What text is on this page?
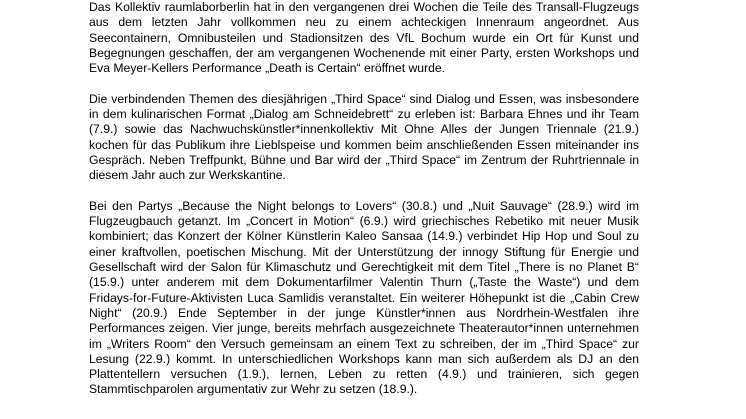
Das Kollektiv raumlaborberlin hat in den vergangenen drei Wochen die Teile des Transall-Flugzeugs aus dem letzten Jahr vollkommen neu zu einem achteckigen Innenraum angeordnet. Aus Seecontainern, Omnibusteilen und Stadionsitzen des VfL Bochum wurde ein Ort für Kunst und Begegnungen geschaffen, der am vergangenen Wochenende mit einer Party, ersten Workshops und Eva Meyer-Kellers Performance „Death is Certain“ eröffnet wurde.

Die verbindenden Themen des diesjährigen „Third Space“ sind Dialog und Essen, was insbesondere in dem kulinarischen Format „Dialog am Schneidebrett“ zu erleben ist: Barbara Ehnes und ihr Team (7.9.) sowie das Nachwuchskünstler*innenkollektiv Mit Ohne Alles der Jungen Triennale (21.9.) kochen für das Publikum ihre Lieblspeise und kommen beim anschließenden Essen miteinander ins Gespräch. Neben Treffpunkt, Bühne und Bar wird der „Third Space“ im Zentrum der Ruhrtriennale in diesem Jahr auch zur Werkskantine.

Bei den Partys „Because the Night belongs to Lovers“ (30.8.) und „Nuit Sauvage“ (28.9.) wird im Flugzeugbauch getanzt. Im „Concert in Motion“ (6.9.) wird griechisches Rebetiko mit neuer Musik kombiniert; das Konzert der Kölner Künstlerin Kaleo Sansaa (14.9.) verbindet Hip Hop und Soul zu einer kraftvollen, poetischen Mischung. Mit der Unterstützung der innogy Stiftung für Energie und Gesellschaft wird der Salon für Klimaschutz und Gerechtigkeit mit dem Titel „There is no Planet B“ (15.9.) unter anderem mit dem Dokumentarfilmer Valentin Thurn („Taste the Waste“) und dem Fridays-for-Future-Aktivisten Luca Samlidis veranstaltet. Ein weiterer Höhepunkt ist die „Cabin Crew Night“ (20.9.) Ende September in der junge Künstler*innen aus Nordrhein-Westfalen ihre Performances zeigen. Vier junge, bereits mehrfach ausgezeichnete Theaterautor*innen unternehmen im „Writers Room“ den Versuch gemeinsam an einem Text zu schreiben, der im „Third Space“ zur Lesung (22.9.) kommt. In unterschiedlichen Workshops kann man sich außerdem als DJ an den Plattentellern versuchen (1.9.), lernen, Leben zu retten (4.9.) und trainieren, sich gegen Stammtischparolen argumentativ zur Wehr zu setzen (18.9.).
